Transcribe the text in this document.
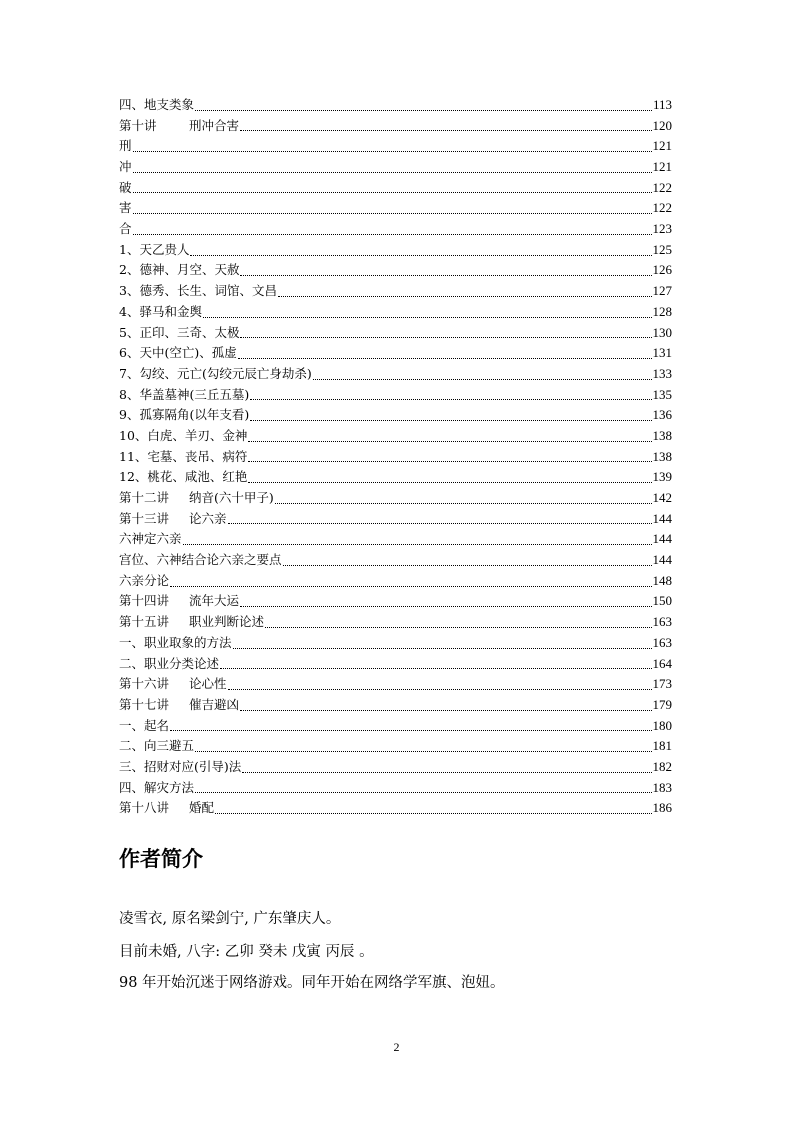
四、地支类象	113
第十讲	刑冲合害	120
刑	121
冲	121
破	122
害	122
合	123
1、天乙贵人	125
2、德神、月空、天赦	126
3、德秀、长生、词馆、文昌	127
4、驿马和金舆	128
5、正印、三奇、太极	130
6、天中(空亡)、孤虚	131
7、勾绞、元亡(勾绞元辰亡身劫杀)	133
8、华盖墓神(三丘五墓)	135
9、孤寡隔角(以年支看)	136
10、白虎、羊刃、金神	138
11、宅墓、丧吊、病符	138
12、桃花、咸池、红艳	139
第十二讲 纳音(六十甲子)	142
第十三讲 论六亲	144
六神定六亲	144
宫位、六神结合论六亲之要点	144
六亲分论	148
第十四讲 流年大运	150
第十五讲 职业判断论述	163
一、职业取象的方法	163
二、职业分类论述	164
第十六讲 论心性	173
第十七讲 催吉避凶	179
一、起名	180
二、向三避五	181
三、招财对应(引导)法	182
四、解灾方法	183
第十八讲 婚配	186
作者简介

凌雪衣, 原名梁剑宁, 广东肇庆人。

目前未婚, 八字: 乙卯 癸未 戊寅 丙辰 。

98 年开始沉迷于网络游戏。同年开始在网络学军旗、泡妞。

2
